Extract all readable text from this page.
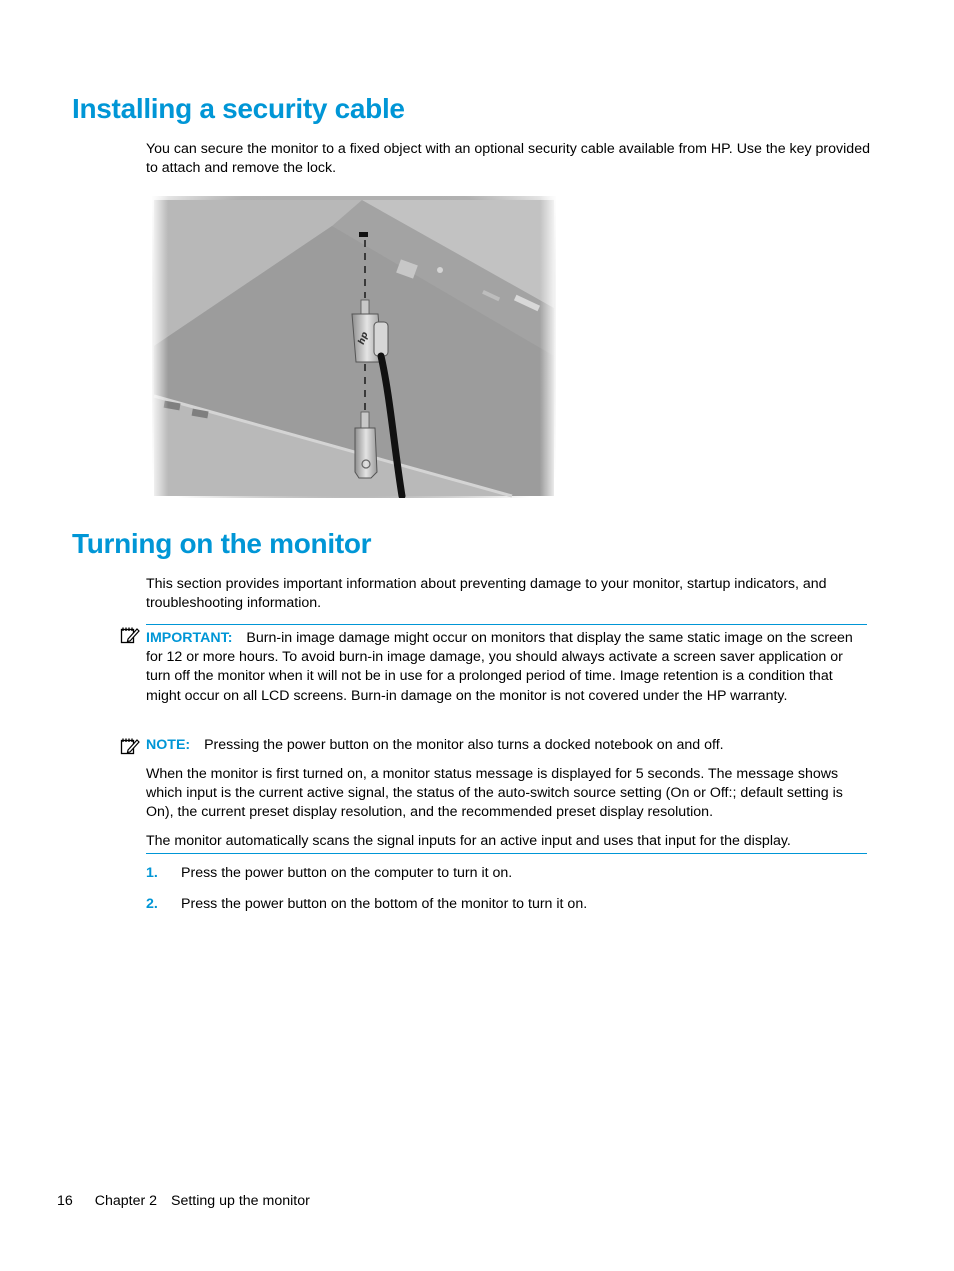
Installing a security cable

You can secure the monitor to a fixed object with an optional security cable available from HP. Use the key provided to attach and remove the lock.

Turning on the monitor

This section provides important information about preventing damage to your monitor, startup indicators, and troubleshooting information.

IMPORTANT: Burn-in image damage might occur on monitors that display the same static image on the screen for 12 or more hours. To avoid burn-in image damage, you should always activate a screen saver application or turn off the monitor when it will not be in use for a prolonged period of time. Image retention is a condition that might occur on all LCD screens. Burn-in damage on the monitor is not covered under the HP warranty.
NOTE: Pressing the power button on the monitor also turns a docked notebook on and off.

When the monitor is first turned on, a monitor status message is displayed for 5 seconds. The message shows which input is the current active signal, the status of the auto-switch source setting (On or Off:; default setting is On), the current preset display resolution, and the recommended preset display resolution.

The monitor automatically scans the signal inputs for an active input and uses that input for the display.

1. Press the power button on the computer to turn it on.
2. Press the power button on the bottom of the monitor to turn it on.
16 Chapter 2 Setting up the monitor
